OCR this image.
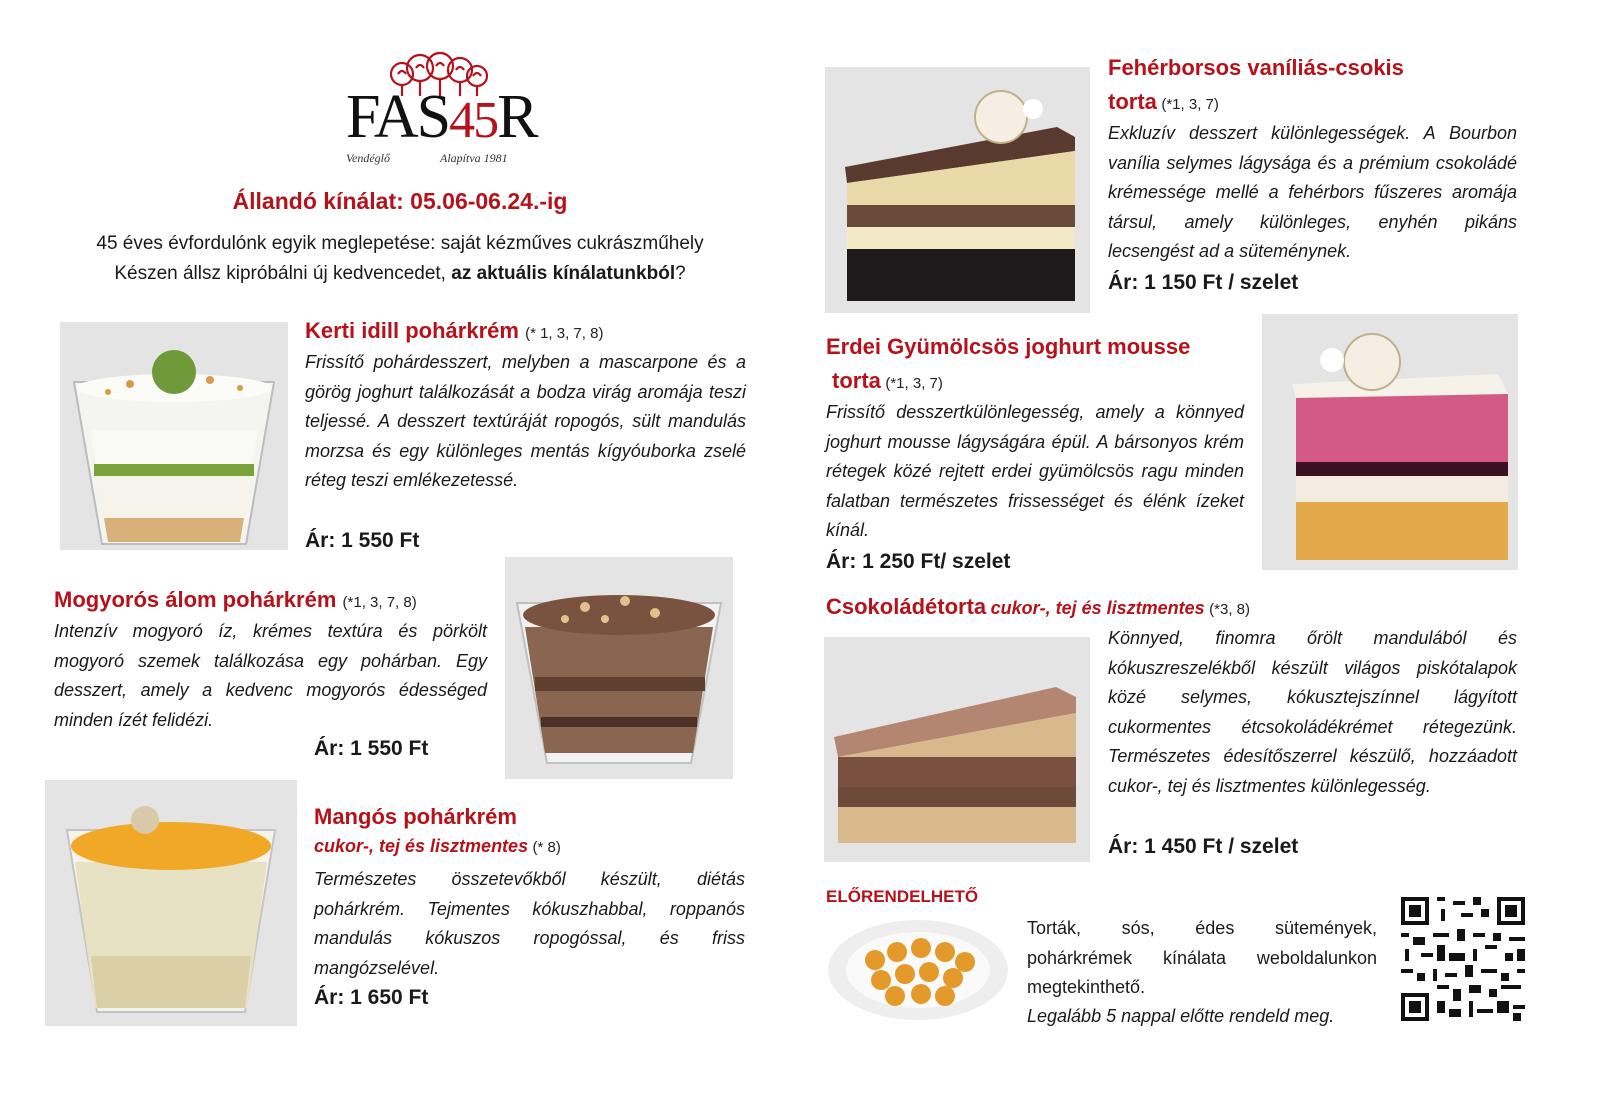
FAS45R
Vendéglő	Alapítva 1981
Állandó kínálat: 05.06-06.24.-ig
45 éves évfordulónk egyik meglepetése: saját kézműves cukrászműhely
Készen állsz kipróbálni új kedvencedet, az aktuális kínálatunkból?
Kerti idill pohárkrém (* 1, 3, 7, 8)
Frissítő pohárdesszert, melyben a mascarpone és a görög joghurt találkozását a bodza virág aromája teszi teljessé. A desszert textúráját ropogós, sült mandulás morzsa és egy különleges mentás kígyóuborka zselé réteg teszi emlékezetessé.
Ár: 1 550 Ft
Mogyorós álom pohárkrém (*1, 3, 7, 8)
Intenzív mogyoró íz, krémes textúra és pörkölt mogyoró szemek találkozása egy pohárban. Egy desszert, amely a kedvenc mogyorós édességed minden ízét felidézi.
Ár: 1 550 Ft
Mangós pohárkrém
cukor-, tej és lisztmentes (* 8)
Természetes összetevőkből készült, diétás pohárkrém. Tejmentes kókuszhabbal, roppanós mandulás kókuszos ropogóssal, és friss mangózselével.
Ár: 1 650 Ft
Fehérborsos vaníliás-csokis
torta (*1, 3, 7)
Exkluzív desszert különlegességek. A Bourbon vanília selymes lágysága és a prémium csokoládé krémessége mellé a fehérbors fűszeres aromája társul, amely különleges, enyhén pikáns lecsengést ad a süteménynek.
Ár: 1 150 Ft / szelet
Erdei Gyümölcsös joghurt mousse
torta (*1, 3, 7)
Frissítő desszertkülönlegesség, amely a könnyed joghurt mousse lágyságára épül. A bársonyos krém rétegek közé rejtett erdei gyümölcsös ragu minden falatban természetes frissességet és élénk ízeket kínál.
Ár: 1 250 Ft/ szelet
Csokoládétorta cukor-, tej és lisztmentes (*3, 8)
Könnyed, finomra őrölt mandulából és kókuszreszelékből készült világos piskótalapok közé selymes, kókusztejszínnel lágyított cukormentes étcsokoládékrémet rétegezünk. Természetes édesítőszerrel készülő, hozzáadott cukor-, tej és lisztmentes különlegesség.
Ár: 1 450 Ft / szelet
ELŐRENDELHETŐ
Torták, sós, édes sütemények, pohárkrémek kínálata weboldalunkon megtekinthető.
Legalább 5 nappal előtte rendeld meg.
